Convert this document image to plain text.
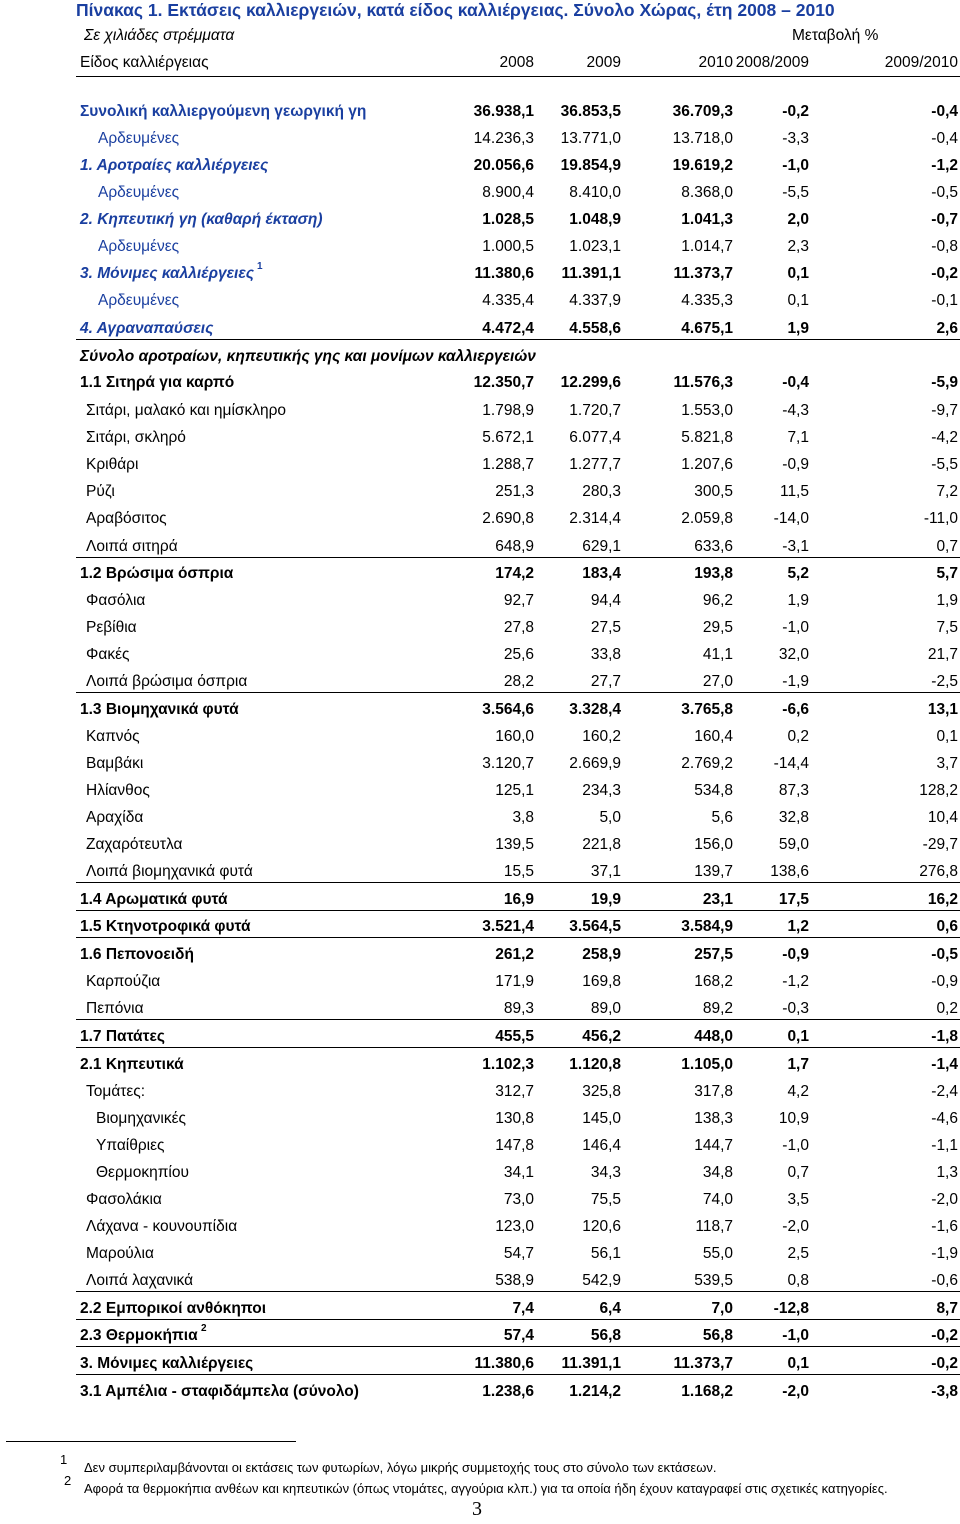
Πίνακας 1. Εκτάσεις καλλιεργειών, κατά είδος καλλιέργειας. Σύνολο Χώρας, έτη 2008 – 2010
Σε χιλιάδες στρέμματα	Μεταβολή %
Είδος καλλιέργειας	2008	2009	2010 2008/2009	2009/2010
Συνολική καλλιεργούμενη γεωργική γη	36.938,1 36.853,5	36.709,3	-0,2	-0,4
Αρδευμένες	14.236,3 13.771,0	13.718,0	-3,3	-0,4
1. Αροτραίες καλλιέργειες	20.056,6 19.854,9	19.619,2	-1,0	-1,2
Αρδευμένες	8.900,4 8.410,0	8.368,0	-5,5	-0,5
2. Κηπευτική γη (καθαρή έκταση)	1.028,5 1.048,9	1.041,3	2,0	-0,7
Αρδευμένες	1.000,5 1.023,1	1.014,7	2,3	-0,8
3. Μόνιμες καλλιέργειες 1	11.380,6 11.391,1	11.373,7	0,1	-0,2
Αρδευμένες	4.335,4 4.337,9	4.335,3	0,1	-0,1
4. Αγραναπαύσεις	4.472,4 4.558,6	4.675,1	1,9	2,6
Σύνολο αροτραίων, κηπευτικής γης και μονίμων καλλιεργειών
1.1 Σιτηρά για καρπό	12.350,7 12.299,6	11.576,3	-0,4	-5,9
Σιτάρι, μαλακό και ημίσκληρο	1.798,9 1.720,7	1.553,0	-4,3	-9,7
Σιτάρι, σκληρό	5.672,1 6.077,4	5.821,8	7,1	-4,2
Κριθάρι	1.288,7 1.277,7	1.207,6	-0,9	-5,5
Ρύζι	251,3	280,3	300,5	11,5	7,2
Αραβόσιτος	2.690,8 2.314,4	2.059,8	-14,0	-11,0
Λοιπά σιτηρά	648,9	629,1	633,6	-3,1	0,7
1.2 Βρώσιμα όσπρια	174,2	183,4	193,8	5,2	5,7
Φασόλια	92,7	94,4	96,2	1,9	1,9
Ρεβίθια	27,8	27,5	29,5	-1,0	7,5
Φακές	25,6	33,8	41,1	32,0	21,7
Λοιπά βρώσιμα όσπρια	28,2	27,7	27,0	-1,9	-2,5
1.3 Βιομηχανικά φυτά	3.564,6 3.328,4	3.765,8	-6,6	13,1
Καπνός	160,0	160,2	160,4	0,2	0,1
Βαμβάκι	3.120,7 2.669,9	2.769,2	-14,4	3,7
Ηλίανθος	125,1	234,3	534,8	87,3	128,2
Αραχίδα	3,8	5,0	5,6	32,8	10,4
Ζαχαρότευτλα	139,5	221,8	156,0	59,0	-29,7
Λοιπά βιομηχανικά φυτά	15,5	37,1	139,7 138,6	276,8
1.4 Αρωματικά φυτά	16,9	19,9	23,1	17,5	16,2
1.5 Κτηνοτροφικά φυτά	3.521,4 3.564,5	3.584,9	1,2	0,6
1.6 Πεπονοειδή	261,2	258,9	257,5	-0,9	-0,5
Καρπούζια	171,9	169,8	168,2	-1,2	-0,9
Πεπόνια	89,3	89,0	89,2	-0,3	0,2
1.7 Πατάτες	455,5	456,2	448,0	0,1	-1,8
2.1 Κηπευτικά	1.102,3 1.120,8	1.105,0	1,7	-1,4
Τομάτες:	312,7	325,8	317,8	4,2	-2,4
Βιομηχανικές	130,8	145,0	138,3	10,9	-4,6
Υπαίθριες	147,8	146,4	144,7	-1,0	-1,1
Θερμοκηπίου	34,1	34,3	34,8	0,7	1,3
Φασολάκια	73,0	75,5	74,0	3,5	-2,0
Λάχανα - κουνουπίδια	123,0	120,6	118,7	-2,0	-1,6
Μαρούλια	54,7	56,1	55,0	2,5	-1,9
Λοιπά λαχανικά	538,9	542,9	539,5	0,8	-0,6
2.2 Εμπορικοί ανθόκηποι	7,4	6,4	7,0	-12,8	8,7
2.3 Θερμοκήπια 2	57,4	56,8	56,8	-1,0	-0,2
3. Μόνιμες καλλιέργειες	11.380,6 11.391,1	11.373,7	0,1	-0,2
3.1 Αμπέλια - σταφιδάμπελα (σύνολο)	1.238,6 1.214,2	1.168,2	-2,0	-3,8
1
Δεν συμπεριλαμβάνονται οι εκτάσεις των φυτωρίων, λόγω μικρής συμμετοχής τους στο σύνολο των εκτάσεων.
2
Αφορά τα θερμοκήπια ανθέων και κηπευτικών (όπως ντομάτες, αγγούρια κλπ.) για τα οποία ήδη έχουν καταγραφεί στις σχετικές κατηγορίες.
3
